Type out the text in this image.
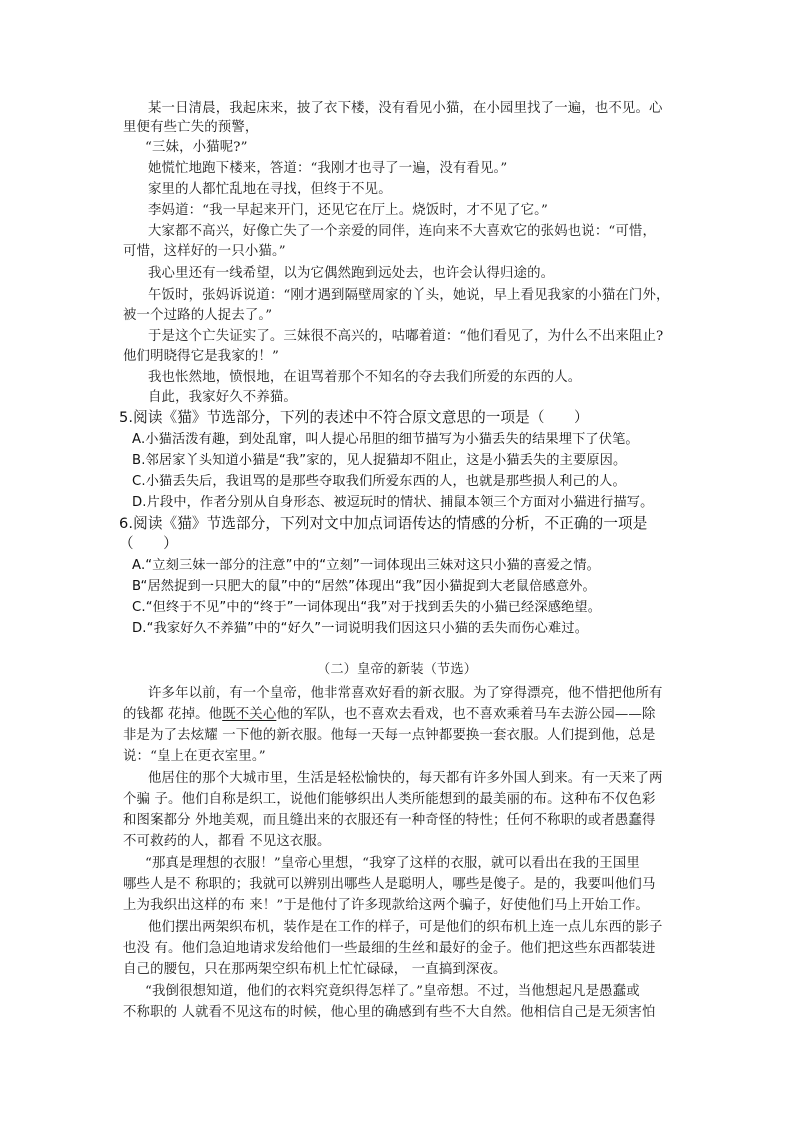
某一日清晨，我起床来，披了衣下楼，没有看见小猫，在小园里找了一遍，也不见。心
里便有些亡失的预警，
“三妹，小猫呢?”
她慌忙地跑下楼来，答道：“我刚才也寻了一遍，没有看见。”
家里的人都忙乱地在寻找，但终于不见。
李妈道：“我一早起来开门，还见它在厅上。烧饭时，才不见了它。”
大家都不高兴，好像亡失了一个亲爱的同伴，连向来不大喜欢它的张妈也说：“可惜，
可惜，这样好的一只小猫。”
我心里还有一线希望，以为它偶然跑到远处去，也许会认得归途的。
午饭时，张妈诉说道：“刚才遇到隔壁周家的丫头，她说，早上看见我家的小猫在门外，
被一个过路的人捉去了。”
于是这个亡失证实了。三妹很不高兴的，咕嘟着道：“他们看见了，为什么不出来阻止?
他们明晓得它是我家的！”
我也怅然地，愤恨地，在诅骂着那个不知名的夺去我们所爱的东西的人。
自此，我家好久不养猫。
5.阅读《猫》节选部分，下列的表述中不符合原文意思的一项是（　　）
A.小猫活泼有趣，到处乱窜，叫人提心吊胆的细节描写为小猫丢失的结果埋下了伏笔。
B.邻居家丫头知道小猫是“我”家的，见人捉猫却不阻止，这是小猫丢失的主要原因。
C.小猫丢失后，我诅骂的是那些夺取我们所爱东西的人，也就是那些损人利己的人。
D.片段中，作者分别从自身形态、被逗玩时的情状、捕鼠本领三个方面对小猫进行描写。
6.阅读《猫》节选部分，下列对文中加点词语传达的情感的分析，不正确的一项是
（　　）
A.“立刻三妹一部分的注意”中的“立刻”一词体现出三妹对这只小猫的喜爱之情。
B“居然捉到一只肥大的鼠”中的“居然”体现出“我”因小猫捉到大老鼠倍感意外。
C.“但终于不见”中的“终于”一词体现出“我”对于找到丢失的小猫已经深感绝望。
D.“我家好久不养猫”中的“好久”一词说明我们因这只小猫的丢失而伤心难过。
（二）皇帝的新装（节选）
许多年以前，有一个皇帝，他非常喜欢好看的新衣服。为了穿得漂亮，他不惜把他所有
的钱都 花掉。他既不关心他的军队，也不喜欢去看戏，也不喜欢乘着马车去游公园——除
非是为了去炫耀 一下他的新衣服。他每一天每一点钟都要换一套衣服。人们提到他，总是
说：“皇上在更衣室里。”
他居住的那个大城市里，生活是轻松愉快的，每天都有许多外国人到来。有一天来了两
个骗 子。他们自称是织工，说他们能够织出人类所能想到的最美丽的布。这种布不仅色彩
和图案都分 外地美观，而且缝出来的衣服还有一种奇怪的特性；任何不称职的或者愚蠢得
不可救药的人，都看 不见这衣服。
“那真是理想的衣服！”皇帝心里想，“我穿了这样的衣服，就可以看出在我的王国里
哪些人是不 称职的；我就可以辨别出哪些人是聪明人，哪些是傻子。是的，我要叫他们马
上为我织出这样的布 来！”于是他付了许多现款给这两个骗子，好使他们马上开始工作。
他们摆出两架织布机，装作是在工作的样子，可是他们的织布机上连一点儿东西的影子
也没 有。他们急迫地请求发给他们一些最细的生丝和最好的金子。他们把这些东西都装进
自己的腰包，只在那两架空织布机上忙忙碌碌， 一直搞到深夜。
“我倒很想知道，他们的衣料究竟织得怎样了。”皇帝想。不过，当他想起凡是愚蠢或
不称职的 人就看不见这布的时候，他心里的确感到有些不大自然。他相信自己是无须害怕
